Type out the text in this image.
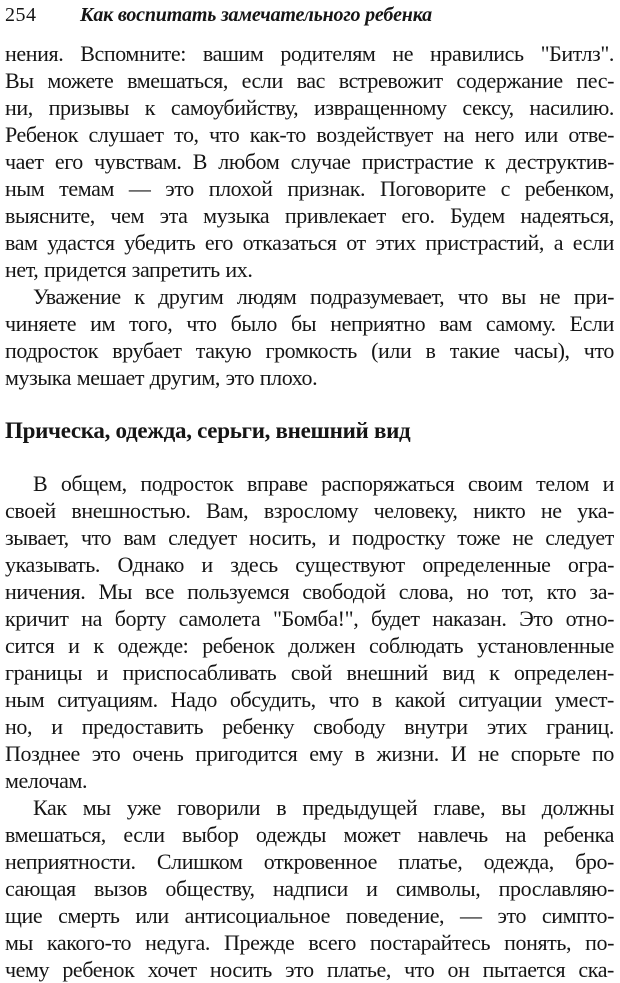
254	Как воспитать замечательного ребенка
нения. Вспомните: вашим родителям не нравились "Битлз".
Вы можете вмешаться, если вас встревожит содержание пес-
ни, призывы к самоубийству, извращенному сексу, насилию.
Ребенок слушает то, что как-то воздействует на него или отве-
чает его чувствам. В любом случае пристрастие к деструктив-
ным темам — это плохой признак. Поговорите с ребенком,
выясните, чем эта музыка привлекает его. Будем надеяться,
вам удастся убедить его отказаться от этих пристрастий, а если
нет, придется запретить их.
Уважение к другим людям подразумевает, что вы не при-
чиняете им того, что было бы неприятно вам самому. Если
подросток врубает такую громкость (или в такие часы), что
музыка мешает другим, это плохо.
Прическа, одежда, серьги, внешний вид
В общем, подросток вправе распоряжаться своим телом и
своей внешностью. Вам, взрослому человеку, никто не ука-
зывает, что вам следует носить, и подростку тоже не следует
указывать. Однако и здесь существуют определенные огра-
ничения. Мы все пользуемся свободой слова, но тот, кто за-
кричит на борту самолета "Бомба!", будет наказан. Это отно-
сится и к одежде: ребенок должен соблюдать установленные
границы и приспосабливать свой внешний вид к определен-
ным ситуациям. Надо обсудить, что в какой ситуации умест-
но, и предоставить ребенку свободу внутри этих границ.
Позднее это очень пригодится ему в жизни. И не спорьте по
мелочам.
Как мы уже говорили в предыдущей главе, вы должны
вмешаться, если выбор одежды может навлечь на ребенка
неприятности. Слишком откровенное платье, одежда, бро-
сающая вызов обществу, надписи и символы, прославляю-
щие смерть или антисоциальное поведение, — это симпто-
мы какого-то недуга. Прежде всего постарайтесь понять, по-
чему ребенок хочет носить это платье, что он пытается ска-
